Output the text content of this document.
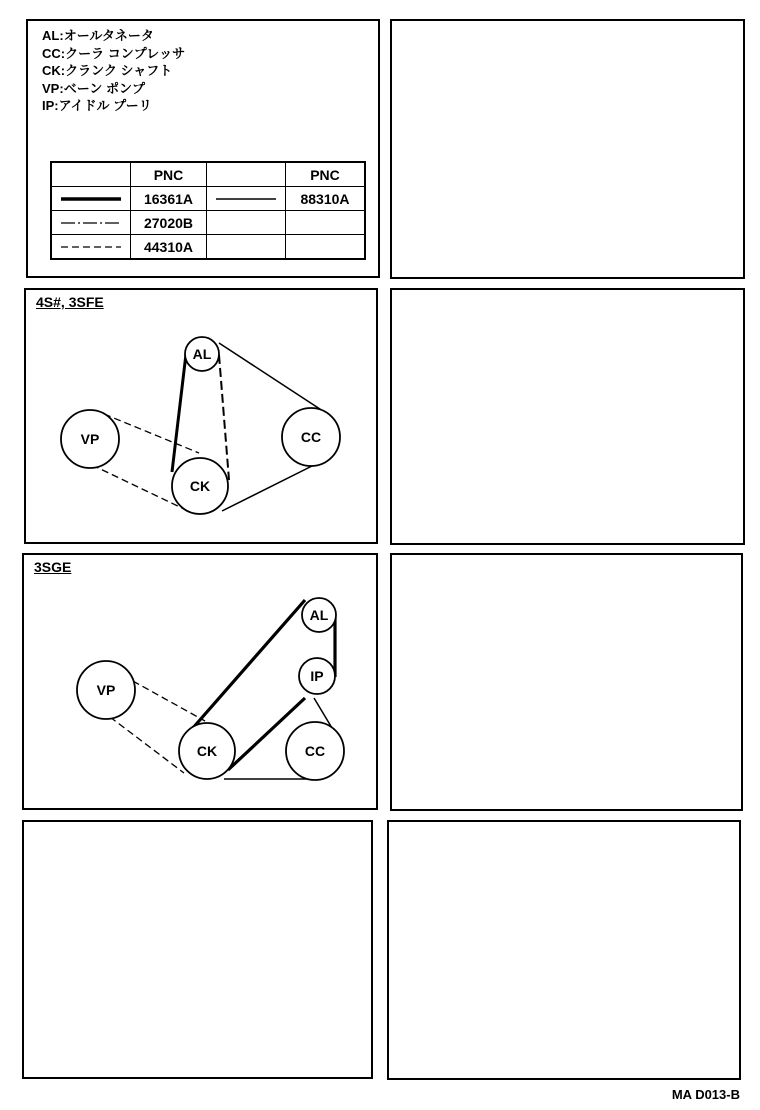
AL:オールタネータ
CC:クーラ コンプレッサ
CK:クランク シャフト
VP:ベーン ポンプ
IP:アイドル プーリ
	PNC		PNC

	16361A		88310A

	27020B		

	44310A		
4S#, 3SFE
AL
VP	CC
CK
3SGE
AL
IP
VP
CK	CC
MA D013-B
